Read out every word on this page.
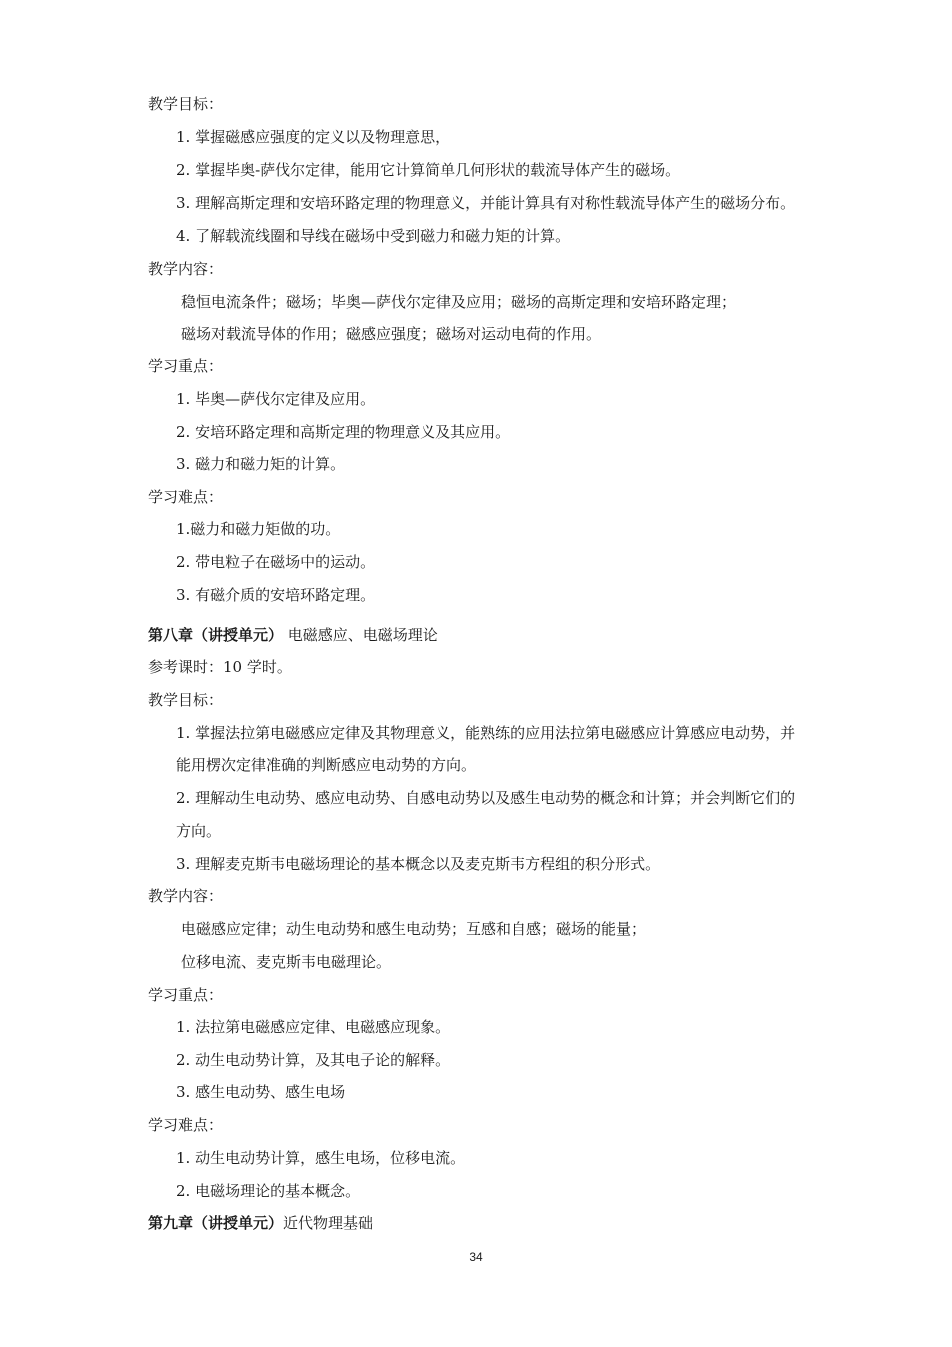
教学目标：
1. 掌握磁感应强度的定义以及物理意思，
2. 掌握毕奥-萨伐尔定律，能用它计算简单几何形状的载流导体产生的磁场。
3. 理解高斯定理和安培环路定理的物理意义，并能计算具有对称性载流导体产生的磁场分布。
4. 了解载流线圈和导线在磁场中受到磁力和磁力矩的计算。
教学内容：
稳恒电流条件；磁场；毕奥—萨伐尔定律及应用；磁场的高斯定理和安培环路定理；
磁场对载流导体的作用；磁感应强度；磁场对运动电荷的作用。
学习重点：
1. 毕奥—萨伐尔定律及应用。
2. 安培环路定理和高斯定理的物理意义及其应用。
3. 磁力和磁力矩的计算。
学习难点：
1.磁力和磁力矩做的功。
2. 带电粒子在磁场中的运动。
3. 有磁介质的安培环路定理。
第八章（讲授单元） 电磁感应、电磁场理论
参考课时：10 学时。
教学目标：
1. 掌握法拉第电磁感应定律及其物理意义，能熟练的应用法拉第电磁感应计算感应电动势，并
能用楞次定律准确的判断感应电动势的方向。
2. 理解动生电动势、感应电动势、自感电动势以及感生电动势的概念和计算；并会判断它们的
方向。
3. 理解麦克斯韦电磁场理论的基本概念以及麦克斯韦方程组的积分形式。
教学内容：
电磁感应定律；动生电动势和感生电动势；互感和自感；磁场的能量；
位移电流、麦克斯韦电磁理论。
学习重点：
1. 法拉第电磁感应定律、电磁感应现象。
2. 动生电动势计算，及其电子论的解释。
3. 感生电动势、感生电场
学习难点：
1. 动生电动势计算，感生电场，位移电流。
2. 电磁场理论的基本概念。
第九章（讲授单元）近代物理基础
34
